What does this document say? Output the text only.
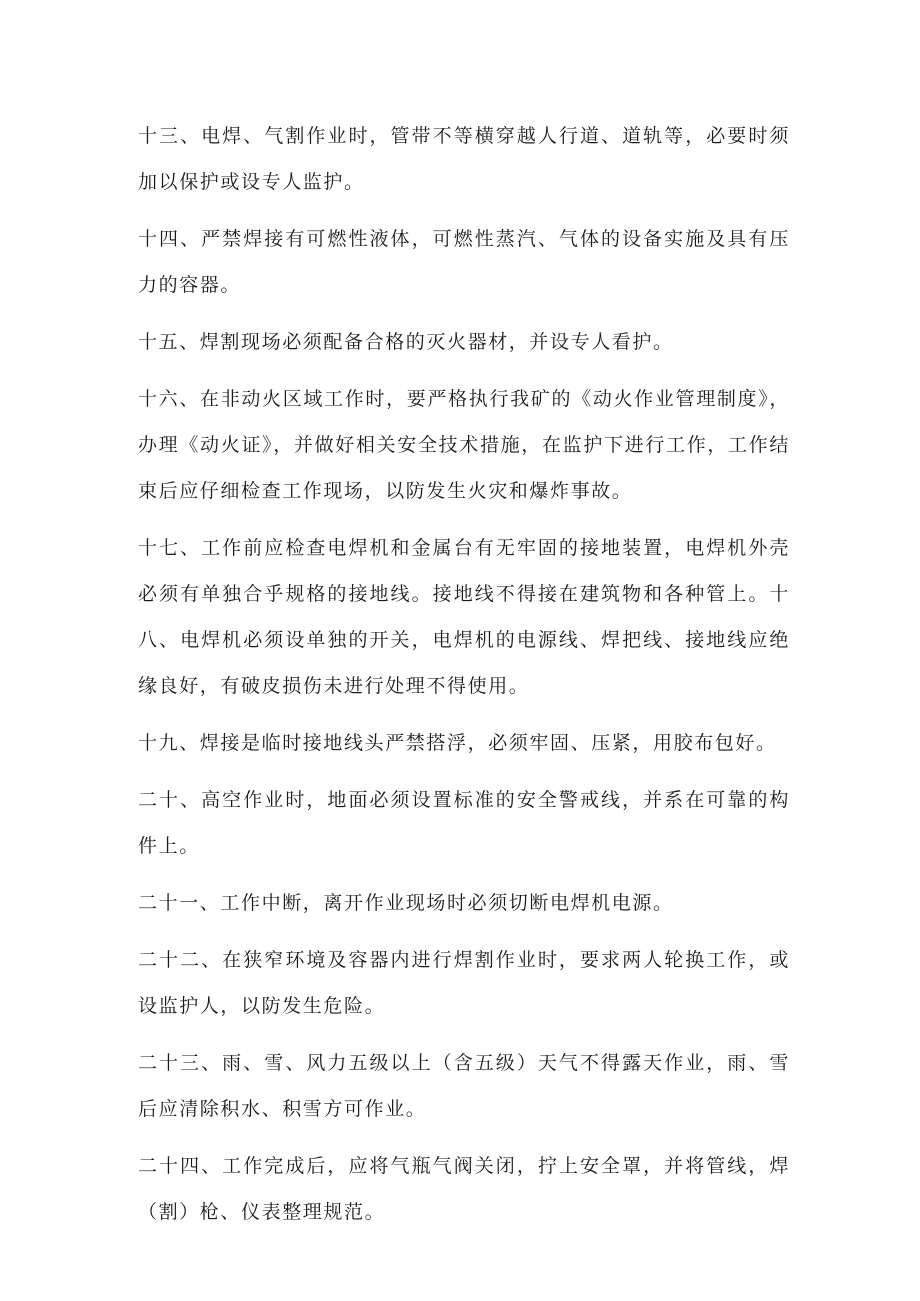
十三、电焊、气割作业时，管带不等横穿越人行道、道轨等，必要时须加以保护或设专人监护。

十四、严禁焊接有可燃性液体，可燃性蒸汽、气体的设备实施及具有压力的容器。

十五、焊割现场必须配备合格的灭火器材，并设专人看护。

十六、在非动火区域工作时，要严格执行我矿的《动火作业管理制度》，办理《动火证》，并做好相关安全技术措施，在监护下进行工作，工作结束后应仔细检查工作现场，以防发生火灾和爆炸事故。

十七、工作前应检查电焊机和金属台有无牢固的接地装置，电焊机外壳必须有单独合乎规格的接地线。接地线不得接在建筑物和各种管上。十八、电焊机必须设单独的开关，电焊机的电源线、焊把线、接地线应绝缘良好，有破皮损伤未进行处理不得使用。

十九、焊接是临时接地线头严禁搭浮，必须牢固、压紧，用胶布包好。

二十、高空作业时，地面必须设置标准的安全警戒线，并系在可靠的构件上。

二十一、工作中断，离开作业现场时必须切断电焊机电源。

二十二、在狭窄环境及容器内进行焊割作业时，要求两人轮换工作，或设监护人，以防发生危险。

二十三、雨、雪、风力五级以上（含五级）天气不得露天作业，雨、雪后应清除积水、积雪方可作业。

二十四、工作完成后，应将气瓶气阀关闭，拧上安全罩，并将管线，焊（割）枪、仪表整理规范。
